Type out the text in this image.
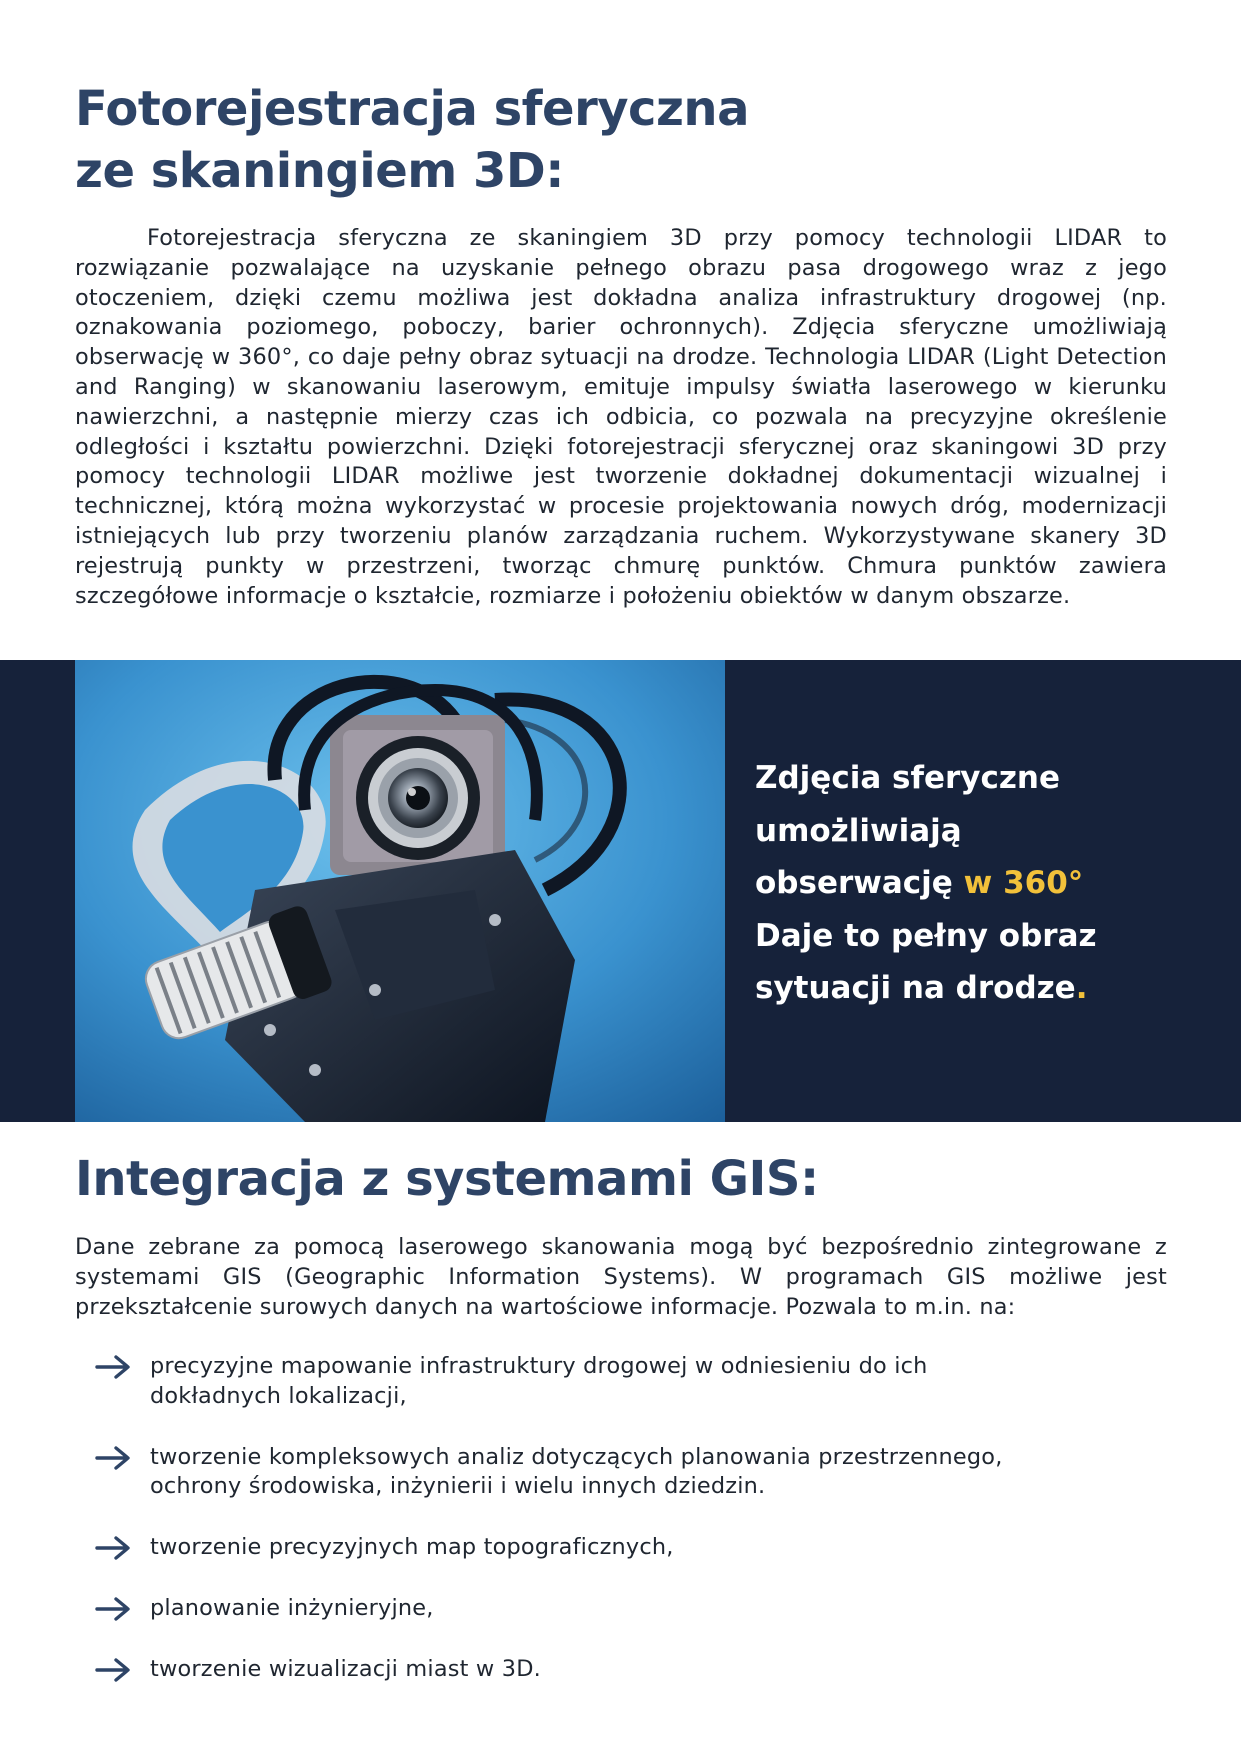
Fotorejestracja sferyczna
ze skaningiem 3D:

Fotorejestracja sferyczna ze skaningiem 3D przy pomocy technologii LIDAR to rozwiązanie pozwalające na uzyskanie pełnego obrazu pasa drogowego wraz z jego otoczeniem, dzięki czemu możliwa jest dokładna analiza infrastruktury drogowej (np. oznakowania poziomego, poboczy, barier ochronnych). Zdjęcia sferyczne umożliwiają obserwację w 360°, co daje pełny obraz sytuacji na drodze. Technologia LIDAR (Light Detection and Ranging) w skanowaniu laserowym, emituje impulsy światła laserowego w kierunku nawierzchni, a następnie mierzy czas ich odbicia, co pozwala na precyzyjne określenie odległości i kształtu powierzchni. Dzięki fotorejestracji sferycznej oraz skaningowi 3D przy pomocy technologii LIDAR możliwe jest tworzenie dokładnej dokumentacji wizualnej i technicznej, którą można wykorzystać w procesie projektowania nowych dróg, modernizacji istniejących lub przy tworzeniu planów zarządzania ruchem. Wykorzystywane skanery 3D rejestrują punkty w przestrzeni, tworząc chmurę punktów. Chmura punktów zawiera szczegółowe informacje o kształcie, rozmiarze i położeniu obiektów w danym obszarze.

Zdjęcia sferyczne
umożliwiają
obserwację w 360°
Daje to pełny obraz
sytuacji na drodze.

Integracja z systemami GIS:

Dane zebrane za pomocą laserowego skanowania mogą być bezpośrednio zintegrowane z systemami GIS (Geographic Information Systems). W programach GIS możliwe jest przekształcenie surowych danych na wartościowe informacje. Pozwala to m.in. na:

precyzyjne mapowanie infrastruktury drogowej w odniesieniu do ich
dokładnych lokalizacji,
tworzenie kompleksowych analiz dotyczących planowania przestrzennego,
ochrony środowiska, inżynierii i wielu innych dziedzin.
tworzenie precyzyjnych map topograficznych,
planowanie inżynieryjne,
tworzenie wizualizacji miast w 3D.
